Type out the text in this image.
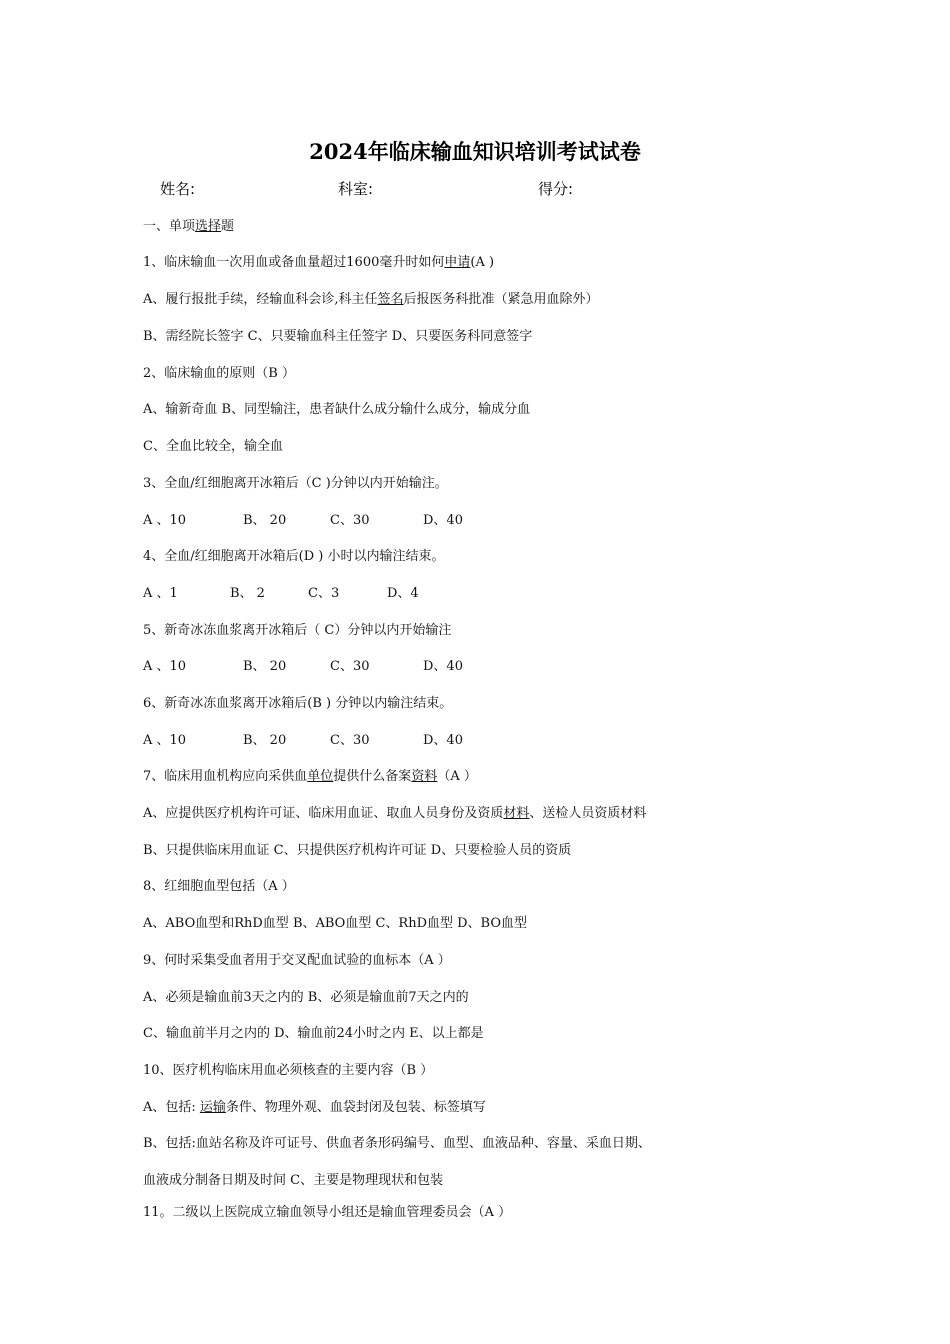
2024年临床输血知识培训考试试卷
姓名:	科室:	得分:
一、单项选择题
1、临床输血一次用血或备血量超过1600毫升时如何申请(A )
A、履行报批手续，经输血科会诊,科主任签名后报医务科批准（紧急用血除外）
B、需经院长签字 C、只要输血科主任签字 D、只要医务科同意签字
2、临床输血的原则（B ）
A、输新奇血 B、同型输注，患者缺什么成分输什么成分，输成分血
C、全血比较全，输全血
3、全血/红细胞离开冰箱后（C )分钟以内开始输注。
A 、10	B、 20	C、30	D、40
4、全血/红细胞离开冰箱后(D ) 小时以内输注结束。
A 、1	B、 2	C、3	D、4
5、新奇冰冻血浆离开冰箱后（ C）分钟以内开始输注
A 、10	B、 20	C、30	D、40
6、新奇冰冻血浆离开冰箱后(B ) 分钟以内输注结束。
A 、10	B、 20	C、30	D、40
7、临床用血机构应向采供血单位提供什么备案资料（A ）
A、应提供医疗机构许可证、临床用血证、取血人员身份及资质材料、送检人员资质材料
B、只提供临床用血证 C、只提供医疗机构许可证 D、只要检验人员的资质
8、红细胞血型包括（A ）
A、ABO血型和RhD血型 B、ABO血型 C、RhD血型 D、BO血型
9、何时采集受血者用于交叉配血试验的血标本（A ）
A、必须是输血前3天之内的 B、必须是输血前7天之内的
C、输血前半月之内的 D、输血前24小时之内 E、以上都是
10、医疗机构临床用血必须核查的主要内容（B ）
A、包括: 运输条件、物理外观、血袋封闭及包装、标签填写
B、包括:血站名称及许可证号、供血者条形码编号、血型、血液品种、容量、采血日期、
血液成分制备日期及时间 C、主要是物理现状和包装
11。二级以上医院成立输血领导小组还是输血管理委员会（A ）
